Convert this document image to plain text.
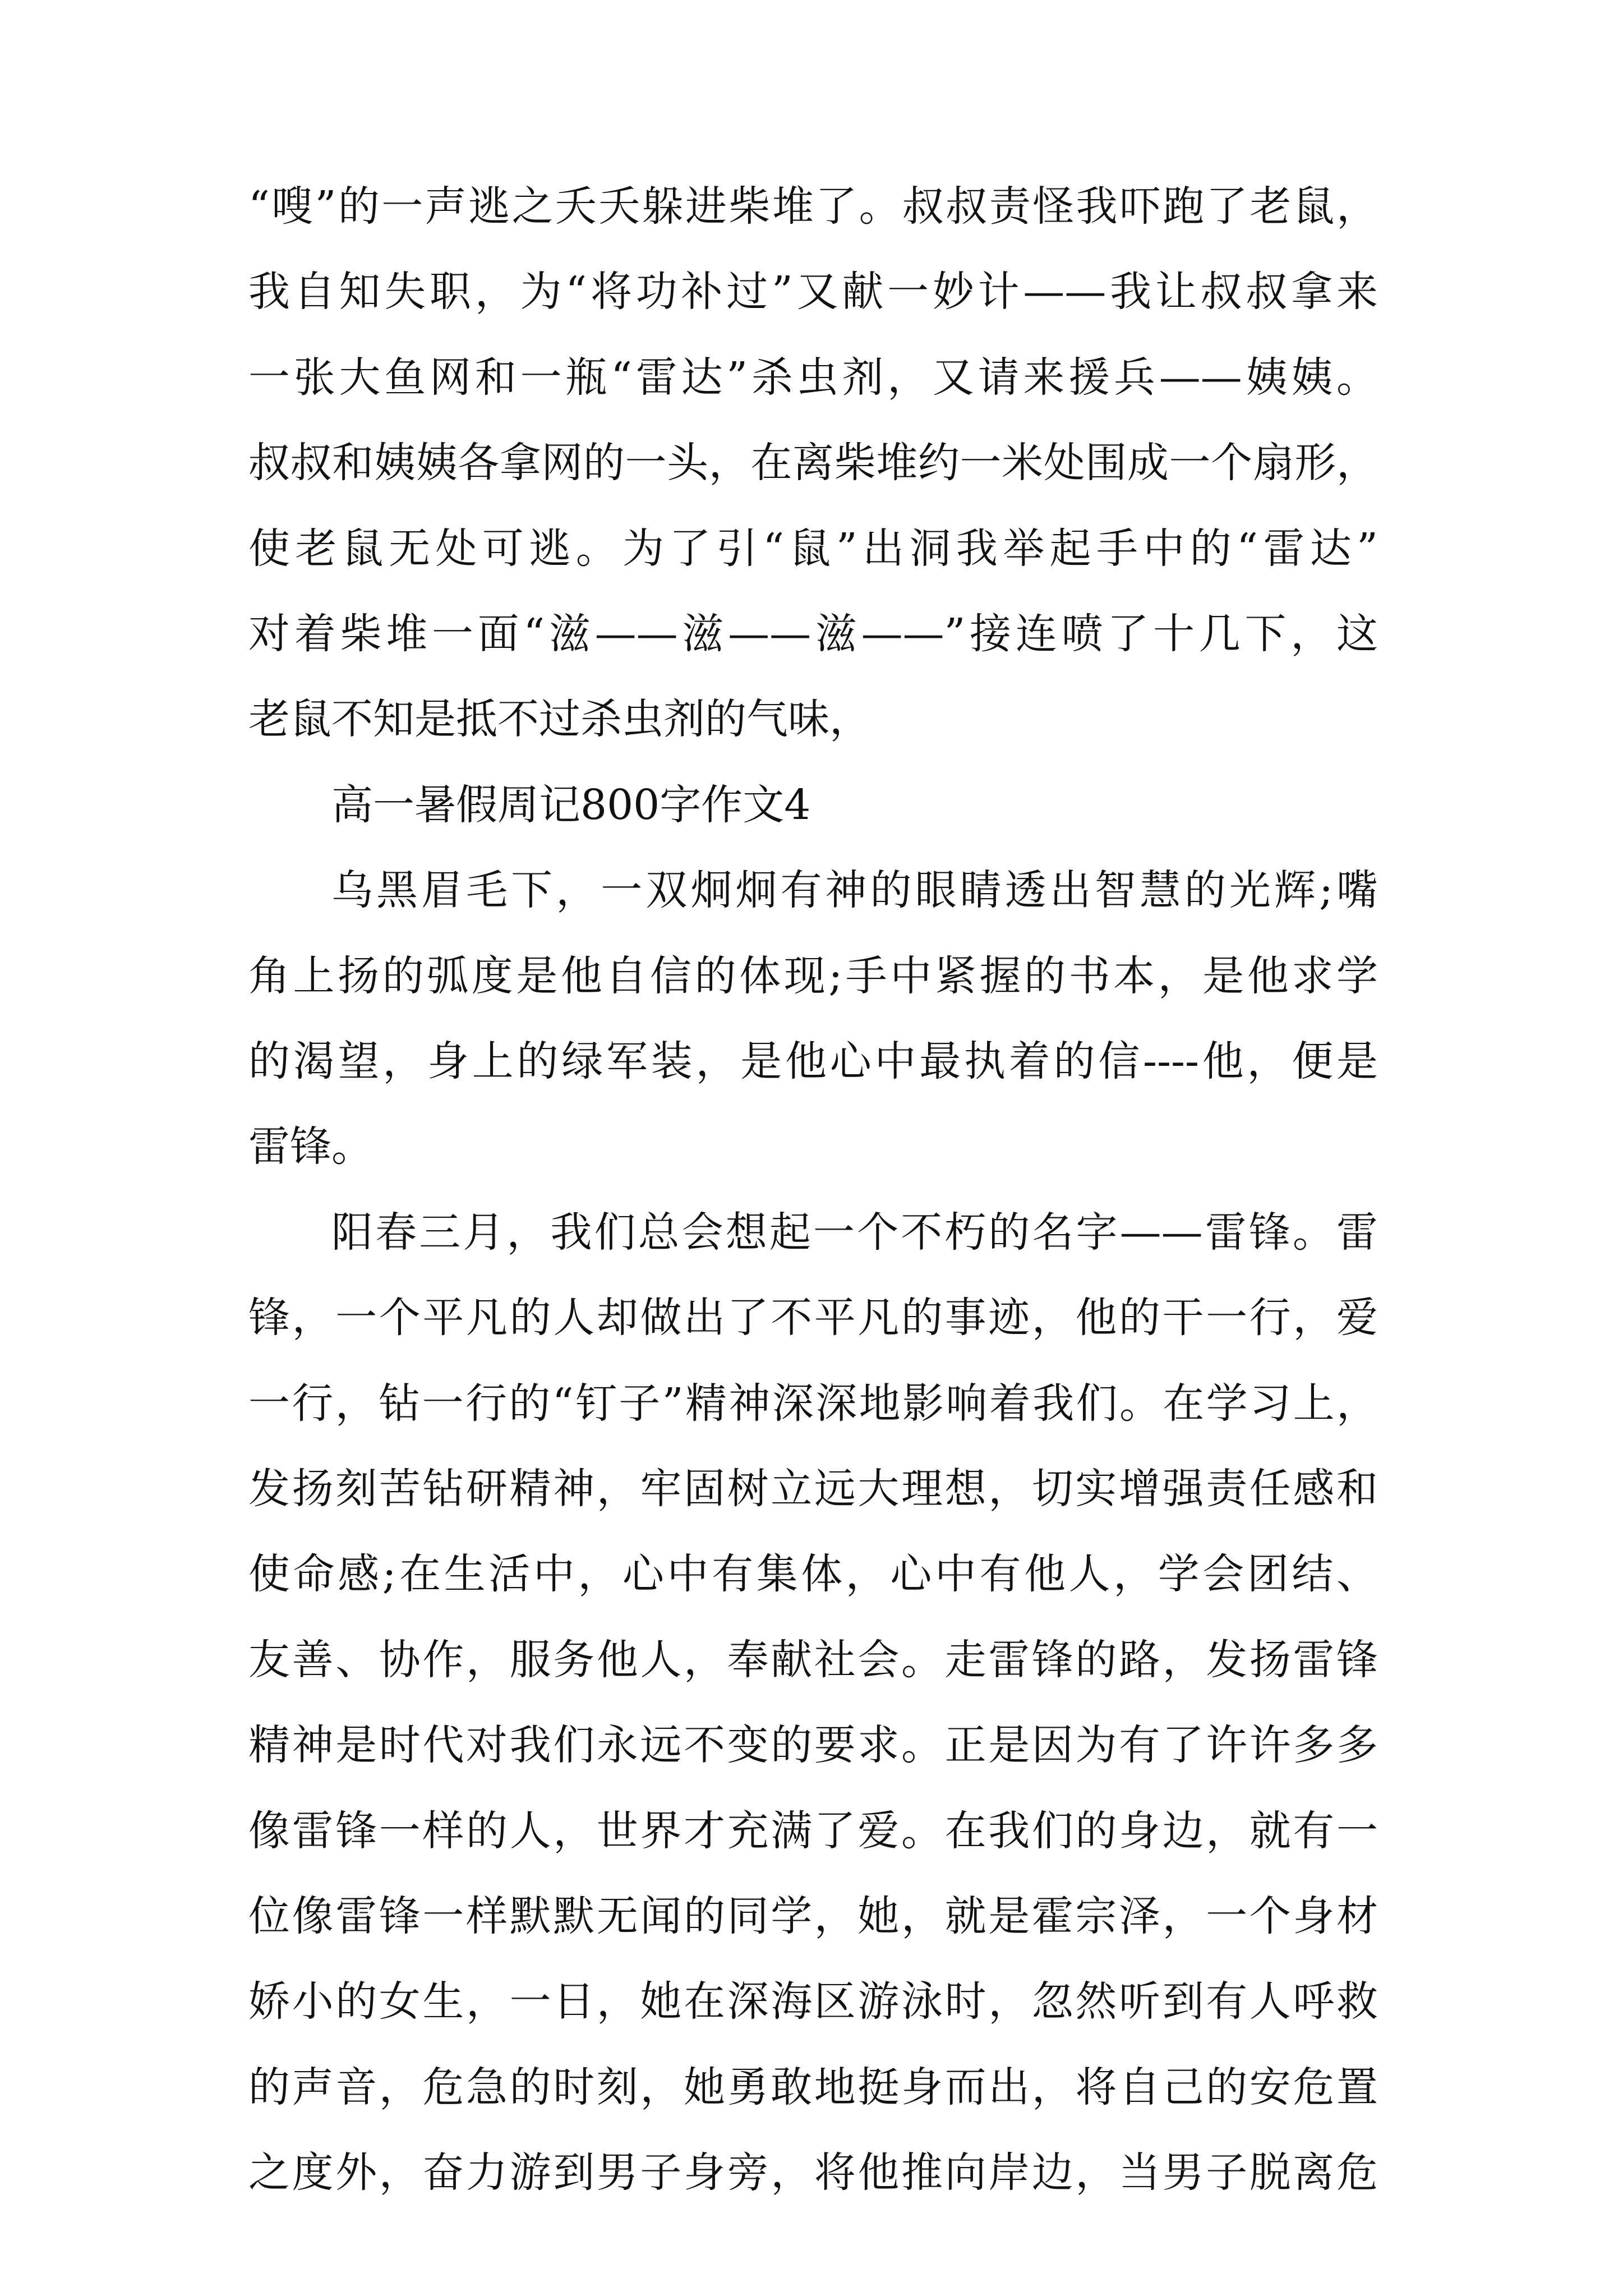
“嗖”的一声逃之夭夭躲进柴堆了。叔叔责怪我吓跑了老鼠，
我自知失职，为“将功补过”又献一妙计——我让叔叔拿来
一张大鱼网和一瓶“雷达”杀虫剂，又请来援兵——姨姨。
叔叔和姨姨各拿网的一头，在离柴堆约一米处围成一个扇形，
使老鼠无处可逃。为了引“鼠”出洞我举起手中的“雷达”
对着柴堆一面“滋——滋——滋——”接连喷了十几下，这
老鼠不知是抵不过杀虫剂的气味，
高一暑假周记800字作文4
乌黑眉毛下，一双炯炯有神的眼睛透出智慧的光辉;嘴
角上扬的弧度是他自信的体现;手中紧握的书本，是他求学
的渴望，身上的绿军装，是他心中最执着的信----他，便是
雷锋。
阳春三月，我们总会想起一个不朽的名字——雷锋。雷
锋，一个平凡的人却做出了不平凡的事迹，他的干一行，爱
一行，钻一行的“钉子”精神深深地影响着我们。在学习上，
发扬刻苦钻研精神，牢固树立远大理想，切实增强责任感和
使命感;在生活中，心中有集体，心中有他人，学会团结、
友善、协作，服务他人，奉献社会。走雷锋的路，发扬雷锋
精神是时代对我们永远不变的要求。正是因为有了许许多多
像雷锋一样的人，世界才充满了爱。在我们的身边，就有一
位像雷锋一样默默无闻的同学，她，就是霍宗泽，一个身材
娇小的女生，一日，她在深海区游泳时，忽然听到有人呼救
的声音，危急的时刻，她勇敢地挺身而出，将自己的安危置
之度外，奋力游到男子身旁，将他推向岸边，当男子脱离危
